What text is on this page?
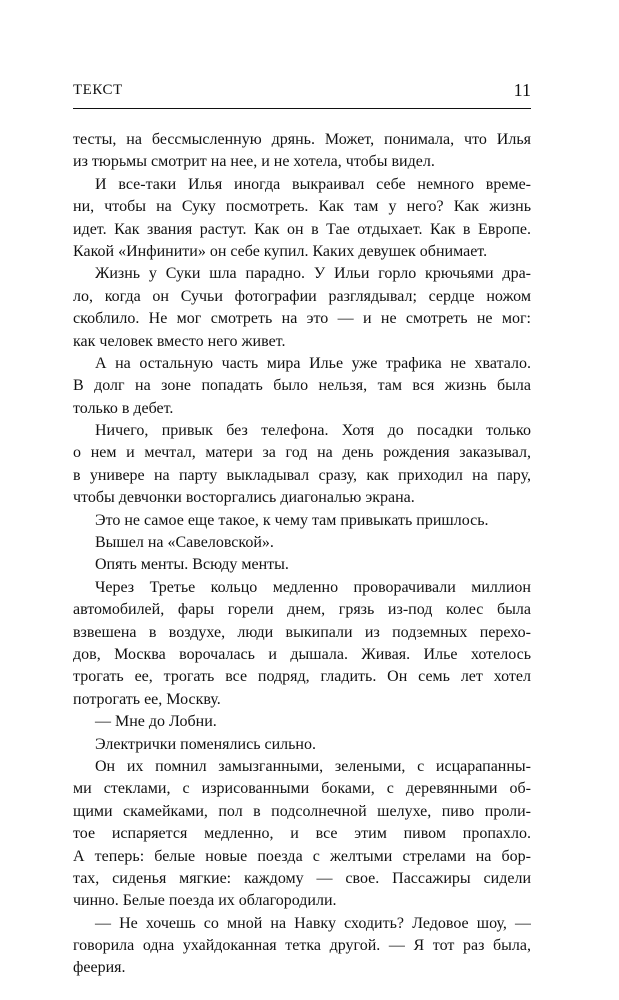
ТЕКСТ	11
тесты, на бессмысленную дрянь. Может, понимала, что Илья
из тюрьмы смотрит на нее, и не хотела, чтобы видел.
И все-таки Илья иногда выкраивал себе немного време-
ни, чтобы на Суку посмотреть. Как там у него? Как жизнь
идет. Как звания растут. Как он в Тае отдыхает. Как в Европе.
Какой «Инфинити» он себе купил. Каких девушек обнимает.
Жизнь у Суки шла парадно. У Ильи горло крючьями дра-
ло, когда он Сучьи фотографии разглядывал; сердце ножом
скоблило. Не мог смотреть на это — и не смотреть не мог:
как человек вместо него живет.
А на остальную часть мира Илье уже трафика не хватало.
В долг на зоне попадать было нельзя, там вся жизнь была
только в дебет.
Ничего, привык без телефона. Хотя до посадки только
о нем и мечтал, матери за год на день рождения заказывал,
в универе на парту выкладывал сразу, как приходил на пару,
чтобы девчонки восторгались диагональю экрана.
Это не самое еще такое, к чему там привыкать пришлось.
Вышел на «Савеловской».
Опять менты. Всюду менты.
Через Третье кольцо медленно проворачивали миллион
автомобилей, фары горели днем, грязь из-под колес была
взвешена в воздухе, люди выкипали из подземных перехо-
дов, Москва ворочалась и дышала. Живая. Илье хотелось
трогать ее, трогать все подряд, гладить. Он семь лет хотел
потрогать ее, Москву.
— Мне до Лобни.
Электрички поменялись сильно.
Он их помнил замызганными, зелеными, с исцарапанны-
ми стеклами, с изрисованными боками, с деревянными об-
щими скамейками, пол в подсолнечной шелухе, пиво проли-
тое испаряется медленно, и все этим пивом пропахло.
А теперь: белые новые поезда с желтыми стрелами на бор-
тах, сиденья мягкие: каждому — свое. Пассажиры сидели
чинно. Белые поезда их облагородили.
— Не хочешь со мной на Навку сходить? Ледовое шоу, —
говорила одна ухайдоканная тетка другой. — Я тот раз была,
феерия.
